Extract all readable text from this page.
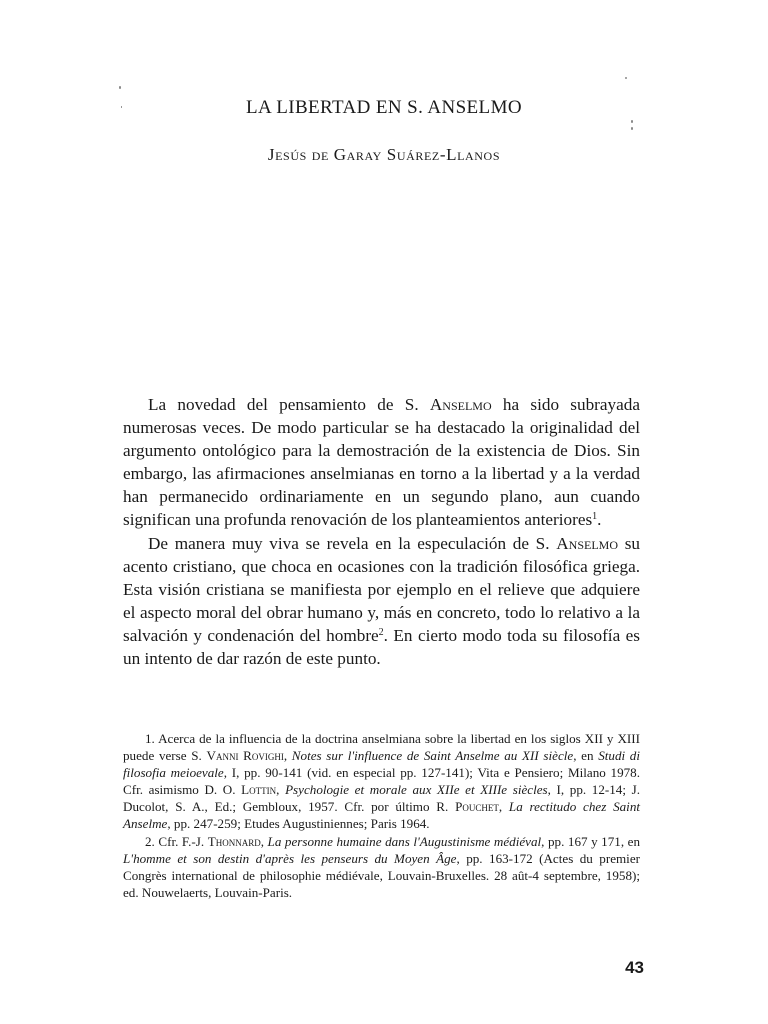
LA LIBERTAD EN S. ANSELMO
Jesús de Garay Suárez-Llanos

La novedad del pensamiento de S. Anselmo ha sido subrayada numerosas veces. De modo particular se ha destacado la originalidad del argumento ontológico para la demostración de la existencia de Dios. Sin embargo, las afirmaciones anselmianas en torno a la libertad y a la verdad han permanecido ordinariamente en un segundo plano, aun cuando significan una profunda renovación de los planteamientos anteriores$^1$.

De manera muy viva se revela en la especulación de S. Anselmo su acento cristiano, que choca en ocasiones con la tradición filosófica griega. Esta visión cristiana se manifiesta por ejemplo en el relieve que adquiere el aspecto moral del obrar humano y, más en concreto, todo lo relativo a la salvación y condenación del hombre$^2$. En cierto modo toda su filosofía es un intento de dar razón de este punto.

1. Acerca de la influencia de la doctrina anselmiana sobre la libertad en los siglos XII y XIII puede verse S. Vanni Rovighi, Notes sur l'influence de Saint Anselme au XII siècle, en Studi di filosofia meioevale, I, pp. 90-141 (vid. en especial pp. 127-141); Vita e Pensiero; Milano 1978. Cfr. asimismo D. O. Lottin, Psychologie et morale aux XIIe et XIIIe siècles, I, pp. 12-14; J. Ducolot, S. A., Ed.; Gembloux, 1957. Cfr. por último R. Pouchet, La rectitudo chez Saint Anselme, pp. 247-259; Etudes Augustiniennes; Paris 1964.

2. Cfr. F.-J. Thonnard, La personne humaine dans l'Augustinisme médiéval, pp. 167 y 171, en L'homme et son destin d'après les penseurs du Moyen Âge, pp. 163-172 (Actes du premier Congrès international de philosophie médiévale, Louvain-Bruxelles. 28 aût-4 septembre, 1958); ed. Nouwelaerts, Louvain-Paris.

43
